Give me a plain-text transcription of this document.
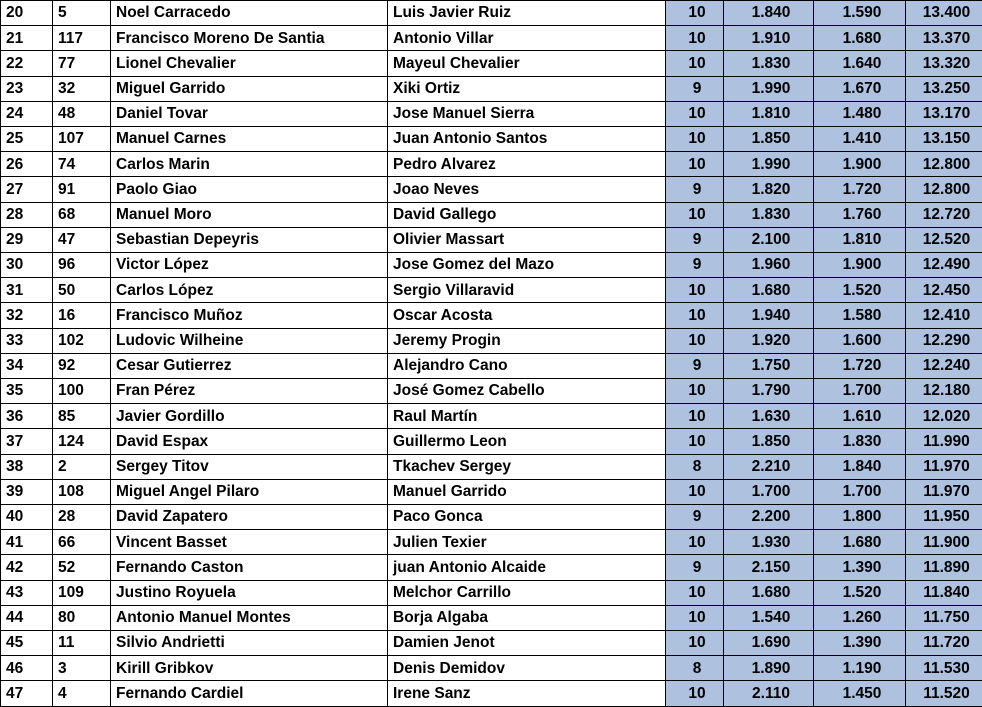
20	5	Noel Carracedo	Luis Javier Ruiz	10	1.840	1.590	13.400
21	117	Francisco Moreno De Santia	Antonio Villar	10	1.910	1.680	13.370
22	77	Lionel Chevalier	Mayeul Chevalier	10	1.830	1.640	13.320
23	32	Miguel Garrido	Xiki Ortiz	9	1.990	1.670	13.250
24	48	Daniel Tovar	Jose Manuel Sierra	10	1.810	1.480	13.170
25	107	Manuel Carnes	Juan Antonio Santos	10	1.850	1.410	13.150
26	74	Carlos Marin	Pedro Alvarez	10	1.990	1.900	12.800
27	91	Paolo Giao	Joao Neves	9	1.820	1.720	12.800
28	68	Manuel Moro	David Gallego	10	1.830	1.760	12.720
29	47	Sebastian Depeyris	Olivier Massart	9	2.100	1.810	12.520
30	96	Victor López	Jose Gomez del Mazo	9	1.960	1.900	12.490
31	50	Carlos López	Sergio Villaravid	10	1.680	1.520	12.450
32	16	Francisco Muñoz	Oscar Acosta	10	1.940	1.580	12.410
33	102	Ludovic Wilheine	Jeremy Progin	10	1.920	1.600	12.290
34	92	Cesar Gutierrez	Alejandro Cano	9	1.750	1.720	12.240
35	100	Fran Pérez	José Gomez Cabello	10	1.790	1.700	12.180
36	85	Javier Gordillo	Raul Martín	10	1.630	1.610	12.020
37	124	David Espax	Guillermo Leon	10	1.850	1.830	11.990
38	2	Sergey Titov	Tkachev Sergey	8	2.210	1.840	11.970
39	108	Miguel Angel Pilaro	Manuel Garrido	10	1.700	1.700	11.970
40	28	David Zapatero	Paco Gonca	9	2.200	1.800	11.950
41	66	Vincent Basset	Julien Texier	10	1.930	1.680	11.900
42	52	Fernando Caston	juan Antonio Alcaide	9	2.150	1.390	11.890
43	109	Justino Royuela	Melchor Carrillo	10	1.680	1.520	11.840
44	80	Antonio Manuel Montes	Borja Algaba	10	1.540	1.260	11.750
45	11	Silvio Andrietti	Damien Jenot	10	1.690	1.390	11.720
46	3	Kirill Gribkov	Denis Demidov	8	1.890	1.190	11.530
47	4	Fernando Cardiel	Irene Sanz	10	2.110	1.450	11.520
